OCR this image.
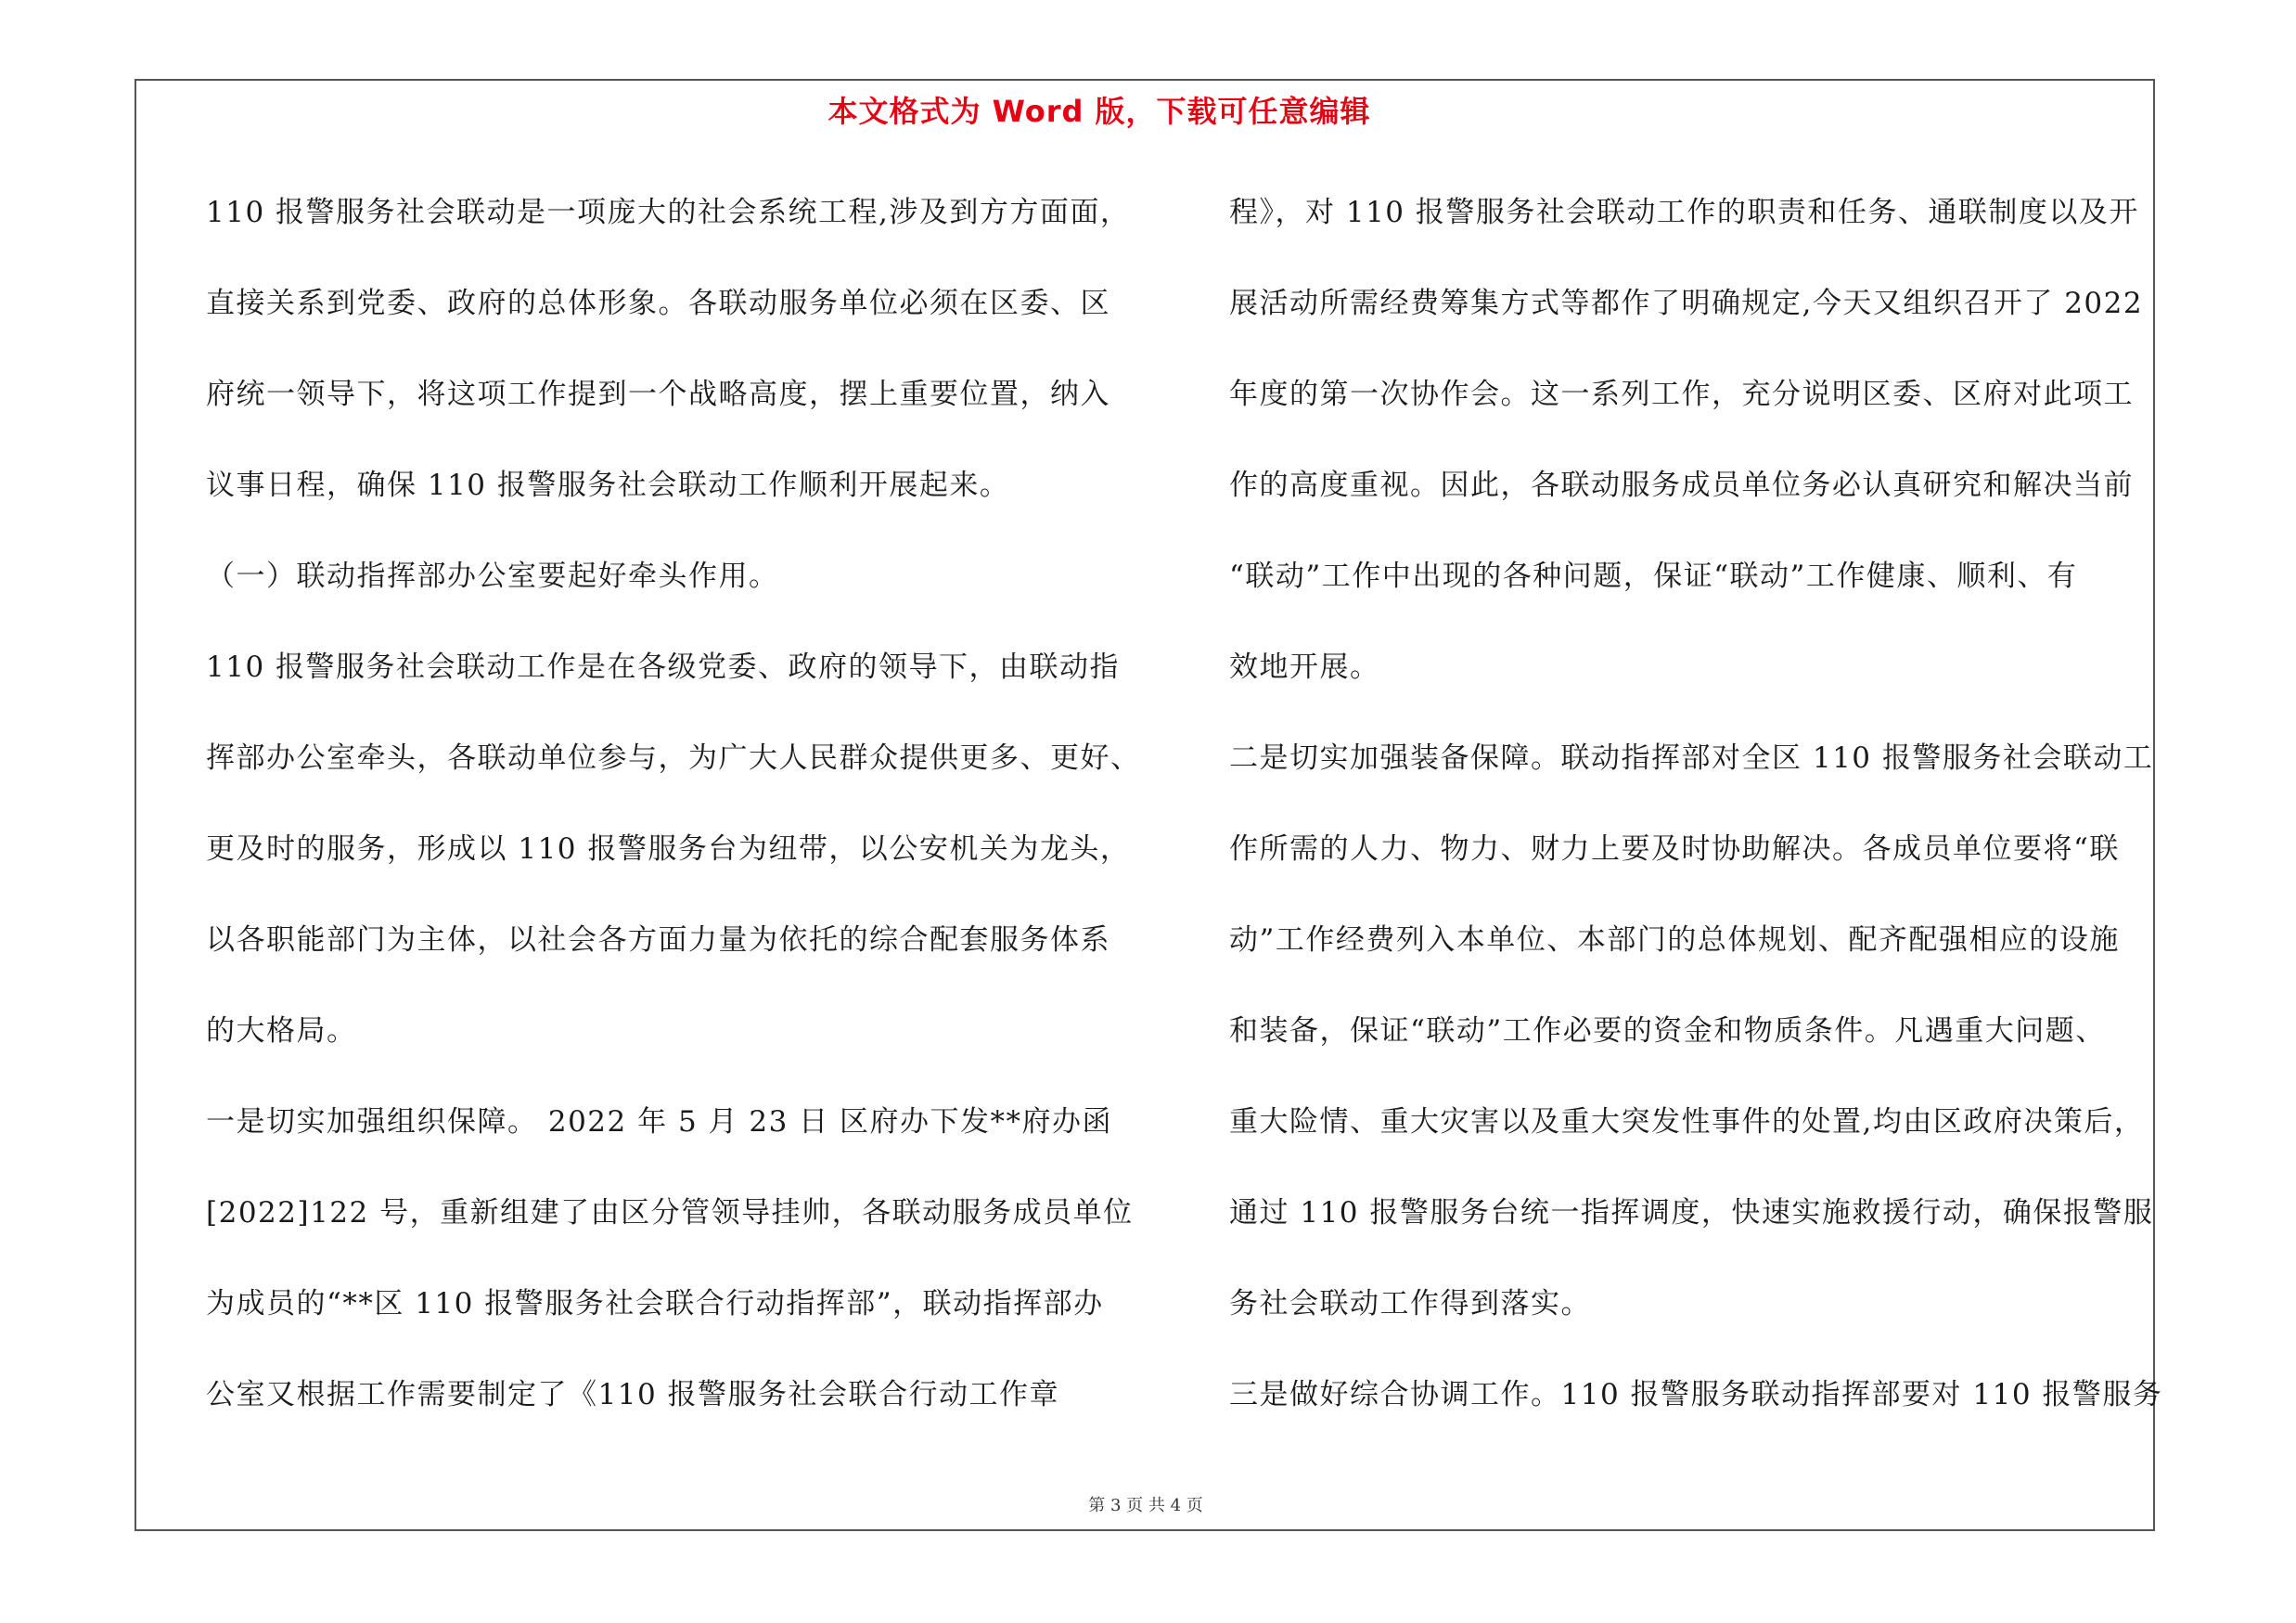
本文格式为 Word 版，下载可任意编辑
110 报警服务社会联动是一项庞大的社会系统工程,涉及到方方面面，
直接关系到党委、政府的总体形象。各联动服务单位必须在区委、区
府统一领导下，将这项工作提到一个战略高度，摆上重要位置，纳入
议事日程，确保 110 报警服务社会联动工作顺利开展起来。
（一）联动指挥部办公室要起好牵头作用。
110 报警服务社会联动工作是在各级党委、政府的领导下，由联动指
挥部办公室牵头，各联动单位参与，为广大人民群众提供更多、更好、
更及时的服务，形成以 110 报警服务台为纽带，以公安机关为龙头，
以各职能部门为主体，以社会各方面力量为依托的综合配套服务体系
的大格局。
一是切实加强组织保障。 2022 年 5 月 23 日 区府办下发**府办函
[2022]122 号，重新组建了由区分管领导挂帅，各联动服务成员单位
为成员的“**区 110 报警服务社会联合行动指挥部”，联动指挥部办
公室又根据工作需要制定了《110 报警服务社会联合行动工作章
程》，对 110 报警服务社会联动工作的职责和任务、通联制度以及开
展活动所需经费筹集方式等都作了明确规定,今天又组织召开了 2022
年度的第一次协作会。这一系列工作，充分说明区委、区府对此项工
作的高度重视。因此，各联动服务成员单位务必认真研究和解决当前
“联动”工作中出现的各种问题，保证“联动”工作健康、顺利、有
效地开展。
二是切实加强装备保障。联动指挥部对全区 110 报警服务社会联动工
作所需的人力、物力、财力上要及时协助解决。各成员单位要将“联
动”工作经费列入本单位、本部门的总体规划、配齐配强相应的设施
和装备，保证“联动”工作必要的资金和物质条件。凡遇重大问题、
重大险情、重大灾害以及重大突发性事件的处置,均由区政府决策后，
通过 110 报警服务台统一指挥调度，快速实施救援行动，确保报警服
务社会联动工作得到落实。
三是做好综合协调工作。110 报警服务联动指挥部要对 110 报警服务
第 3 页 共 4 页
